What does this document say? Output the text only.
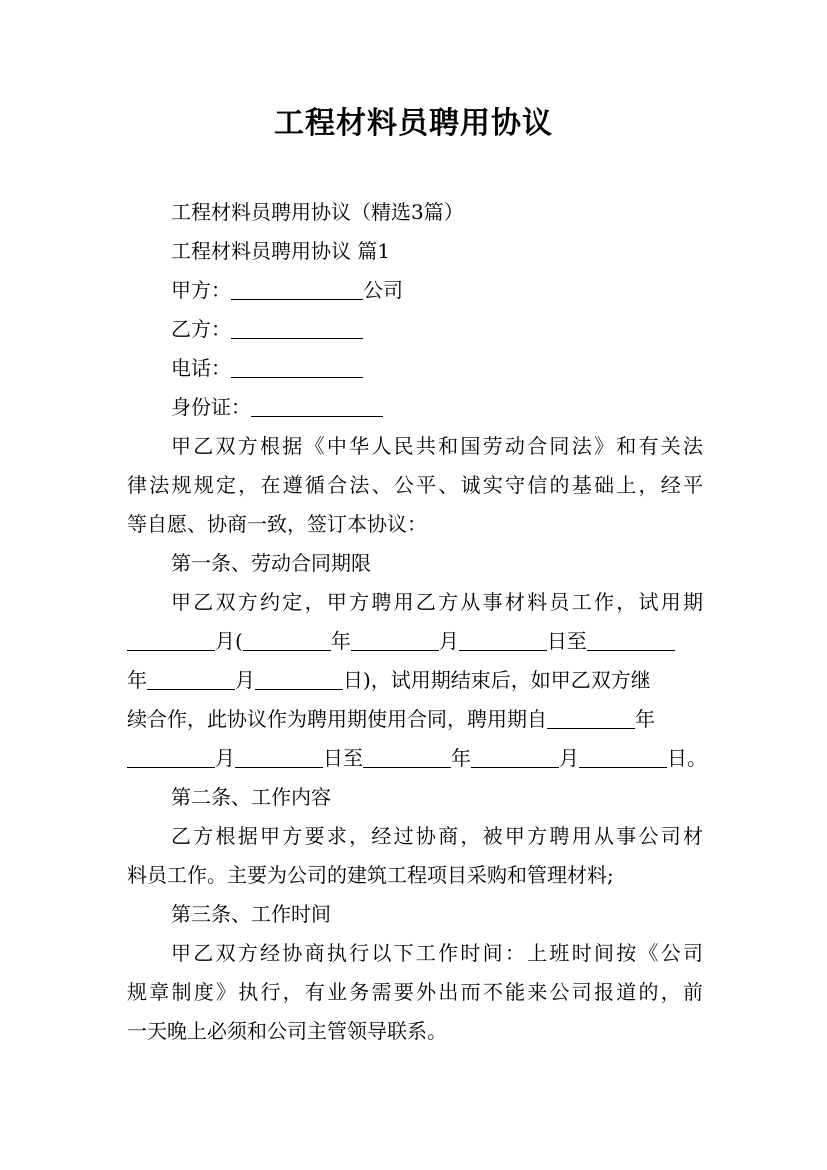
工程材料员聘用协议
工程材料员聘用协议（精选3篇）
工程材料员聘用协议 篇1
甲方：	公司
乙方：
电话：
身份证：
甲乙双方根据《中华人民共和国劳动合同法》和有关法
律法规规定，在遵循合法、公平、诚实守信的基础上，经平
等自愿、协商一致，签订本协议：
第一条、劳动合同期限
甲乙双方约定，甲方聘用乙方从事材料员工作，试用期
月(	年	月	日至
年	月	日)，试用期结束后，如甲乙双方继
续合作，此协议作为聘用期使用合同，聘用期自	年
月	日至	年	月	日。
第二条、工作内容
乙方根据甲方要求，经过协商，被甲方聘用从事公司材
料员工作。主要为公司的建筑工程项目采购和管理材料;
第三条、工作时间
甲乙双方经协商执行以下工作时间：上班时间按《公司
规章制度》执行，有业务需要外出而不能来公司报道的，前
一天晚上必须和公司主管领导联系。
